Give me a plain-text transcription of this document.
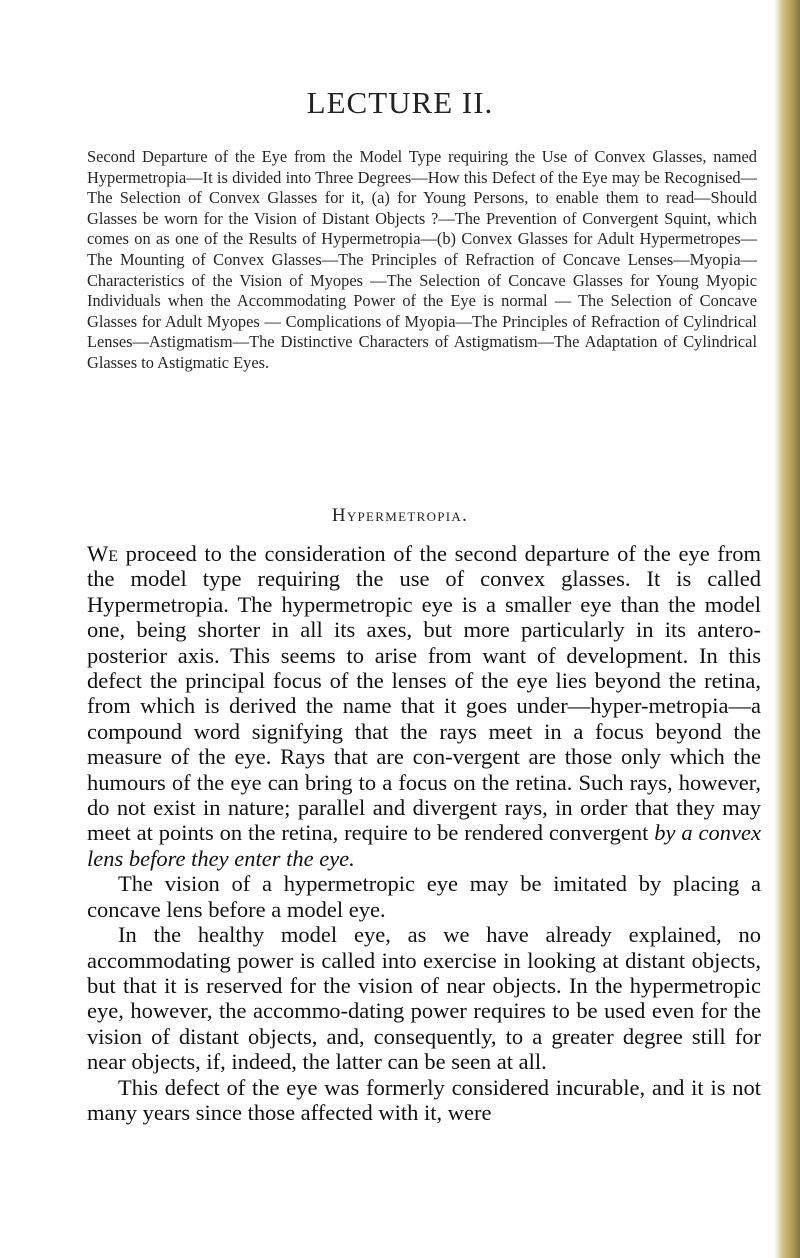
LECTURE II.
Second Departure of the Eye from the Model Type requiring the Use of Convex Glasses, named Hypermetropia—It is divided into Three Degrees—How this Defect of the Eye may be Recognised—The Selection of Convex Glasses for it, (a) for Young Persons, to enable them to read—Should Glasses be worn for the Vision of Distant Objects ?—The Prevention of Convergent Squint, which comes on as one of the Results of Hypermetropia—(b) Convex Glasses for Adult Hypermetropes—The Mounting of Convex Glasses—The Principles of Refraction of Concave Lenses—Myopia—Characteristics of the Vision of Myopes —The Selection of Concave Glasses for Young Myopic Individuals when the Accommodating Power of the Eye is normal — The Selection of Concave Glasses for Adult Myopes — Complications of Myopia—The Principles of Refraction of Cylindrical Lenses—Astigmatism—The Distinctive Characters of Astigmatism—The Adaptation of Cylindrical Glasses to Astigmatic Eyes.
Hypermetropia.

We proceed to the consideration of the second departure of the eye from the model type requiring the use of convex glasses. It is called Hypermetropia. The hypermetropic eye is a smaller eye than the model one, being shorter in all its axes, but more particularly in its antero-posterior axis. This seems to arise from want of development. In this defect the principal focus of the lenses of the eye lies beyond the retina, from which is derived the name that it goes under—hyper-metropia—a compound word signifying that the rays meet in a focus beyond the measure of the eye. Rays that are con-vergent are those only which the humours of the eye can bring to a focus on the retina. Such rays, however, do not exist in nature; parallel and divergent rays, in order that they may meet at points on the retina, require to be rendered convergent by a convex lens before they enter the eye.

The vision of a hypermetropic eye may be imitated by placing a concave lens before a model eye.

In the healthy model eye, as we have already explained, no accommodating power is called into exercise in looking at distant objects, but that it is reserved for the vision of near objects. In the hypermetropic eye, however, the accommo-dating power requires to be used even for the vision of distant objects, and, consequently, to a greater degree still for near objects, if, indeed, the latter can be seen at all.

This defect of the eye was formerly considered incurable, and it is not many years since those affected with it, were
